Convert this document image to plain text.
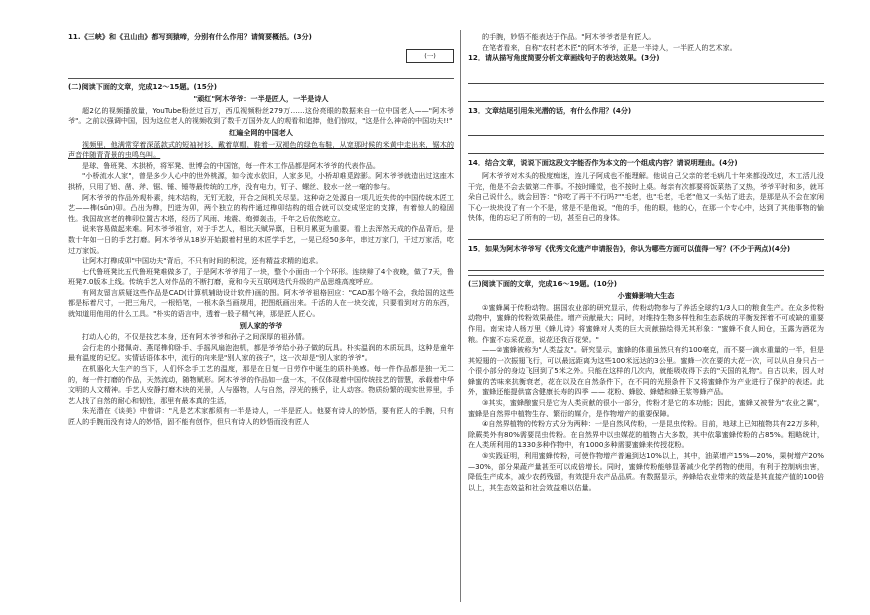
11.《三峡》和《丑山由》都写到猿啼，分别有什么作用？请简要概括。(3分)
(一)
(二)阅读下面的文章，完成12～15题。(15分)
"顽红"阿木爷爷：一半是匠人，一半是诗人
超2亿的视频播放量，YouTube粉丝过百万，西瓜视频粉丝279万……这份亮眼的数据来自一位中国老人——"阿木爷爷"。之前以强调中国，因为这位老人的视频收到了数千万国外友人的观看和追捧，他们惊叹，"这是什么神奇的中国功夫!!"
红遍全网的中国老人
视频里，他满常穿着深蓝款式的短袖衬衫，戴着草帽，鞋着一双褪色的绿色布鞋，从宽那时候的米黄中走出来，锯木的声音伴随青背景的虫鸣鸟叫。
是球、鲁班凳、木拱桥，将军凳、世博会的中国馆，每一件木工作品都是阿木爷爷的代表作品。
"小桥流水人家"，曾是多少人心中的世外桃源，如今流水依旧，人家多见，小桥却难觅踪影。阿木爷爷就造出过这座木拱桥，只用了铝、凿、斧、锯、锤、锤等最传统的工序，没有电力，钉子、螺丝、胶水一丝一毫的参与。
阿木爷爷的作品外观朴素，纯木结构，无钉无胶，开合之间机关尽显。这种奇之处源自一项几近失传的中国传统木匠工艺——榫(sǔn)卯。凸出为榫，凹进为卯，两个独立的构件通过榫卯结构的组合就可以变成坚定的支撑，有着惊人的稳固性。我国故宫老的榫卯位置古木塔，经历了风雨、地震、炮弹轰击，千年之后依然屹立。
说来容易做起来难。阿木爷爷祖官，对于手艺人，相比天赋异禀，日积月累更为重要。看上去浑然天成的作品背后，是数十年如一日的手艺打磨。阿木爷爷从18岁开始跟着村里的木匠学手艺，一晃已经50多年，串过万家门，干过万家活，吃过万家饭。
让阿木打榫成卯"中国功夫"背后，不只有时间的积淀，还有精益求精的追求。
七代鲁班凳比五代鲁班凳难做多了，于是阿木爷爷用了一块，整个小面由一个个环形。连续辩了4个夜晚，做了7天，鲁班凳7.0版本上线。传统手艺人对作品的不断打磨，竟和今天互联网迭代升级的产品思维高度呼应。
有网友留言质疑这些作品是CAD(计算机辅助设计软件)画的图。阿木爷爷祖格回应："CAD那个啥不会，我给国的这些都是标着尺寸，一把三角尺，一根铅笔，一根木条当画规用，把图纸画出来。千活的人在一块交流，只要看到对方的东西，就知道用他用的什么工具。"朴实的语言中，透着一股子精气神，那是匠人匠心。
别人家的爷爷
打动人心的，不仅是技艺本身，还有阿木爷爷和孙子之间深厚的祖孙情。
会行走的小猪佩奇、燕尾榫仰卧手、手摇风扇泡泡机，都是爷爷给小孙子做的玩具。朴实温润的木质玩具，这种是童年最有温度的记忆。实情话语体本中，流行的向来是"别人家的孩子"，这一次却是"别人家的爷爷"。
在机器化大生产的当下，人们怀念手工艺的温度，那是在日复一日劳作中诞生的质朴美感。每一件作品都是独一无二的，每一件打磨的作品，天然流动，随物赋形。阿木爷爷的作品如一盘一木，不仅体现着中国传统技艺的智慧，承载着中华文明的人文精神。手艺人安静打磨木块的光景，人与器物，人与自然，浮光的熊乎，让人动容。物质纷繁的现实世界里，手艺人找了自然的耐心和韧性，那里有最本真的生活，
朱光潜在《谈美》中曾讲："凡是艺术家都须有一半是诗人，一半是匠人。他要有诗人的妙悟，要有匠人的手腕，只有匠人的手腕而没有诗人的妙悟，固不能有创作，但只有诗人的妙悟而没有匠人
的手腕，妙悟不能表达于作品。"阿木爷爷者是有匠人。
在笔者看来，自称"农村老木匠"的阿木爷爷，正是一半诗人，一半匠人的艺术家。
12．请从描写角度简要分析文章画线句子的表达效果。(3分)
13．文章结尾引用朱光潜的话，有什么作用？(4分)
14．结合文章，说说下面这段文字能否作为本文的一个组成内容？请说明理由。(4分)
阿木爷爷对木头的极度痴迷，连儿子阿成也不能理解。他说自己父亲的老毛病几十年来都没改过，木工活儿没干完，他是不会去做第二件事。不按时睡觉，也不按时上桌。每亲有次都要将饭菜热了又热，爷爷平时和多，就耳朵自己说什么，就会回答："你吃了再干不行吗?""毛老，也"毛老，毛老"他又一头钻了进去，是那是从不会在家闲下心一块块没了有一个不是，常是不是他说，"他的手，他的眼，他的心，在那一个专心中，达到了其他事物的愉快体，他的忘记了所有的一切，甚至自己的身体。
15．如果为阿木爷爷写《优秀文化遗产申请报告》，你认为哪些方面可以值得一写？(不少于两点)(4分)
(三)阅读下面的文章，完成16～19题。(10分)
小蜜蜂影响大生态
①蜜蜂属于传粉动物。据国农业部的研究显示，传粉动物参与了养活全球约1/3人口的粮食生产。在众多传粉动物中，蜜蜂的传粉效果最佳。增产贡献最大；同时，对维持生物多样性和生态系统的平衡发挥着不可或缺的重要作用。南宋诗人杨万里《蜂儿诗》将蜜蜂对人类的巨大贡献描绘得无其形象："蜜蜂不食人间仓，玉露为酒花为粮。作蜜不忘采花意，说花还我百花荣。"
——②蜜蜂被称为"人类益友"。研究显示，蜜蜂的体重虽然只有约100毫克，而不要一滴水重量的一半，但是其短翅的一次振翅飞行，可以最远距离为这些100米远达的3公里。蜜蜂一次在要的大花一次，可以从自身只占一个很小部分的身边飞回到了5米之外。只能在这样的几次内，就能吸收得下去的"天国的礼物"。自古以来，因人对蜂蜜的苦味来抗衡衰老，花在以及在自然条件下，在不同的光照条件下又将蜜蜂作为产业进行了保护的表述。此外，蜜蜂还能提供富含健康长寿的四季 —— 花粉、蜂胶、蜂蜡和蜂王浆等蜂产品。
③其实，蜜蜂酿蜜只是它为人类贡献的很小一部分，传粉才是它的本功能；因此，蜜蜂又被誉为"农业之翼"，蜜蜂是自然界中植物生存、繁衍的媒介，是作物增产的重要保障。
④自然界植物的传粉方式分为两种：一是自然风传粉，一是昆虫传粉。目前，地球上已知植物共有22万多种，除蕨类外有80%需要昆虫传粉。在自然界中以虫媒花的植物占大多数，其中依靠蜜蜂传粉的占85%。粗略统计，在人类所利用的1330多种作物中，有1000多种需要蜜蜂来传授花粉。
⑤实践证明，利用蜜蜂传粉，可使作物增产普遍到达10%以上，其中，油菜增产15%—20%，果树增产20%—30%，部分果蔬产量甚至可以成倍增长。同时，蜜蜂传粉能够显著减少化学药物的使用，有利于控制病虫害，降低生产成本，减少农药残留，有效提升农产品品质。有数据显示，养蜂给农业带来的效益是其直接产值的100倍以上，其生态效益和社会效益难以估量。
